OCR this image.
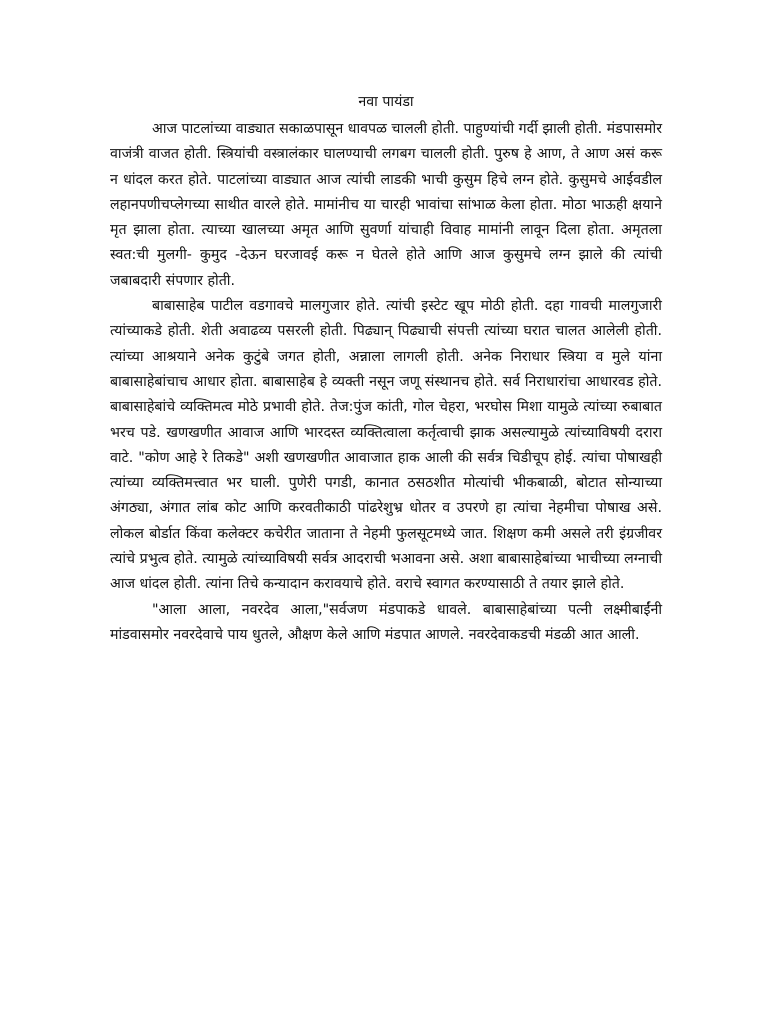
नवा पायंडा

आज पाटलांच्या वाड्यात सकाळपासून धावपळ चालली होती. पाहुण्यांची गर्दी झाली होती. मंडपासमोर वाजंत्री वाजत होती. स्त्रियांची वस्त्रालंकार घालण्याची लगबग चालली होती. पुरुष हे आण, ते आण असं करू न धांदल करत होते. पाटलांच्या वाड्यात आज त्यांची लाडकी भाची कुसुम हिचे लग्न होते. कुसुमचे आईवडील लहानपणीचप्लेगच्या साथीत वारले होते. मामांनीच या चारही भावांचा सांभाळ केला होता. मोठा भाऊही क्षयाने मृत झाला होता. त्याच्या खालच्या अमृत आणि सुवर्णा यांचाही विवाह मामांनी लावून दिला होता. अमृतला स्वत:ची मुलगी- कुमुद -देऊन घरजावई करू न घेतले होते आणि आज कुसुमचे लग्न झाले की त्यांची जबाबदारी संपणार होती.

बाबासाहेब पाटील वडगावचे मालगुजार होते. त्यांची इस्टेट खूप मोठी होती. दहा गावची मालगुजारी त्यांच्याकडे होती. शेती अवाढव्य पसरली होती. पिढ्यान् पिढ्याची संपत्ती त्यांच्या घरात चालत आलेली होती. त्यांच्या आश्रयाने अनेक कुटुंबे जगत होती, अन्नाला लागली होती. अनेक निराधार स्त्रिया व मुले यांना बाबासाहेबांचाच आधार होता. बाबासाहेब हे व्यक्ती नसून जणू संस्थानच होते. सर्व निराधारांचा आधारवड होते. बाबासाहेबांचे व्यक्तिमत्व मोठे प्रभावी होते. तेज:पुंज कांती, गोल चेहरा, भरघोस मिशा यामुळे त्यांच्या रुबाबात भरच पडे. खणखणीत आवाज आणि भारदस्त व्यक्तित्वाला कर्तृत्वाची झाक असल्यामुळे त्यांच्याविषयी दरारा वाटे. "कोण आहे रे तिकडे" अशी खणखणीत आवाजात हाक आली की सर्वत्र चिडीचूप होई. त्यांचा पोषाखही त्यांच्या व्यक्तिमत्त्वात भर घाली. पुणेरी पगडी, कानात ठसठशीत मोत्यांची भीकबाळी, बोटात सोन्याच्या अंगठ्या, अंगात लांब कोट आणि करवतीकाठी पांढरेशुभ्र धोतर व उपरणे हा त्यांचा नेहमीचा पोषाख असे. लोकल बोर्डात किंवा कलेक्टर कचेरीत जाताना ते नेहमी फुलसूटमध्ये जात. शिक्षण कमी असले तरी इंग्रजीवर त्यांचे प्रभुत्व होते. त्यामुळे त्यांच्याविषयी सर्वत्र आदराची भआवना असे. अशा बाबासाहेबांच्या भाचीच्या लग्नाची आज धांदल होती. त्यांना तिचे कन्यादान करावयाचे होते. वराचे स्वागत करण्यासाठी ते तयार झाले होते.

"आला आला, नवरदेव आला,"सर्वजण मंडपाकडे धावले. बाबासाहेबांच्या पत्नी लक्ष्मीबाईंनी मांडवासमोर नवरदेवाचे पाय धुतले, औक्षण केले आणि मंडपात आणले. नवरदेवाकडची मंडळी आत आली.
